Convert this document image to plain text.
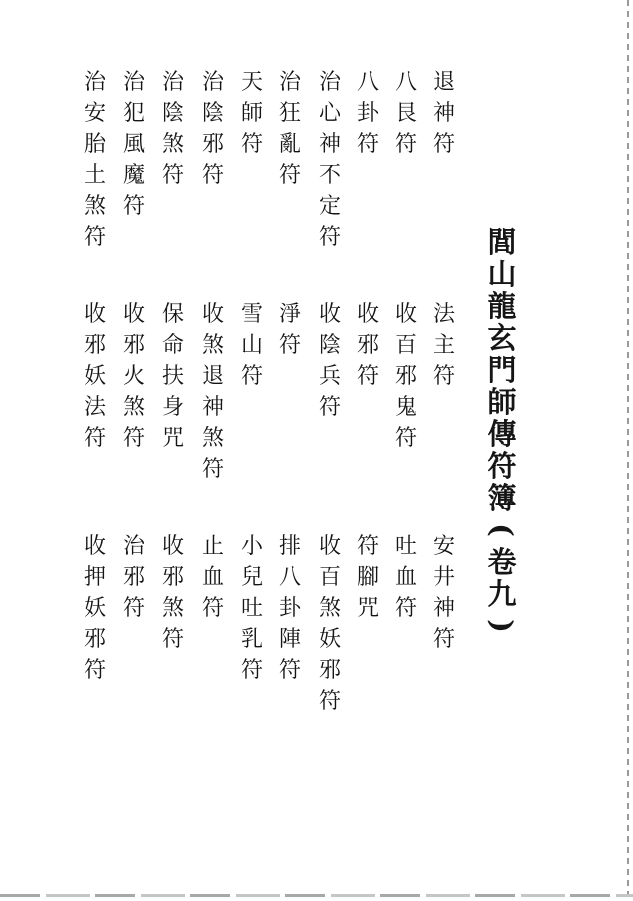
閭
山
龍
玄
門
師
傳
符
簿
(
卷
九
)
退
神
符
法
主
符
安
井
神
符
八
艮
符
收
百
邪
鬼
符
吐
血
符
八
卦
符
收
邪
符
符
腳
咒
治
心
神
不
定
符
收
陰
兵
符
收
百
煞
妖
邪
符
治
狂
亂
符
淨
符
排
八
卦
陣
符
天
師
符
雪
山
符
小
兒
吐
乳
符
治
陰
邪
符
收
煞
退
神
煞
符
止
血
符
治
陰
煞
符
保
命
扶
身
咒
收
邪
煞
符
治
犯
風
魔
符
收
邪
火
煞
符
治
邪
符
治
安
胎
土
煞
符
收
邪
妖
法
符
收
押
妖
邪
符
